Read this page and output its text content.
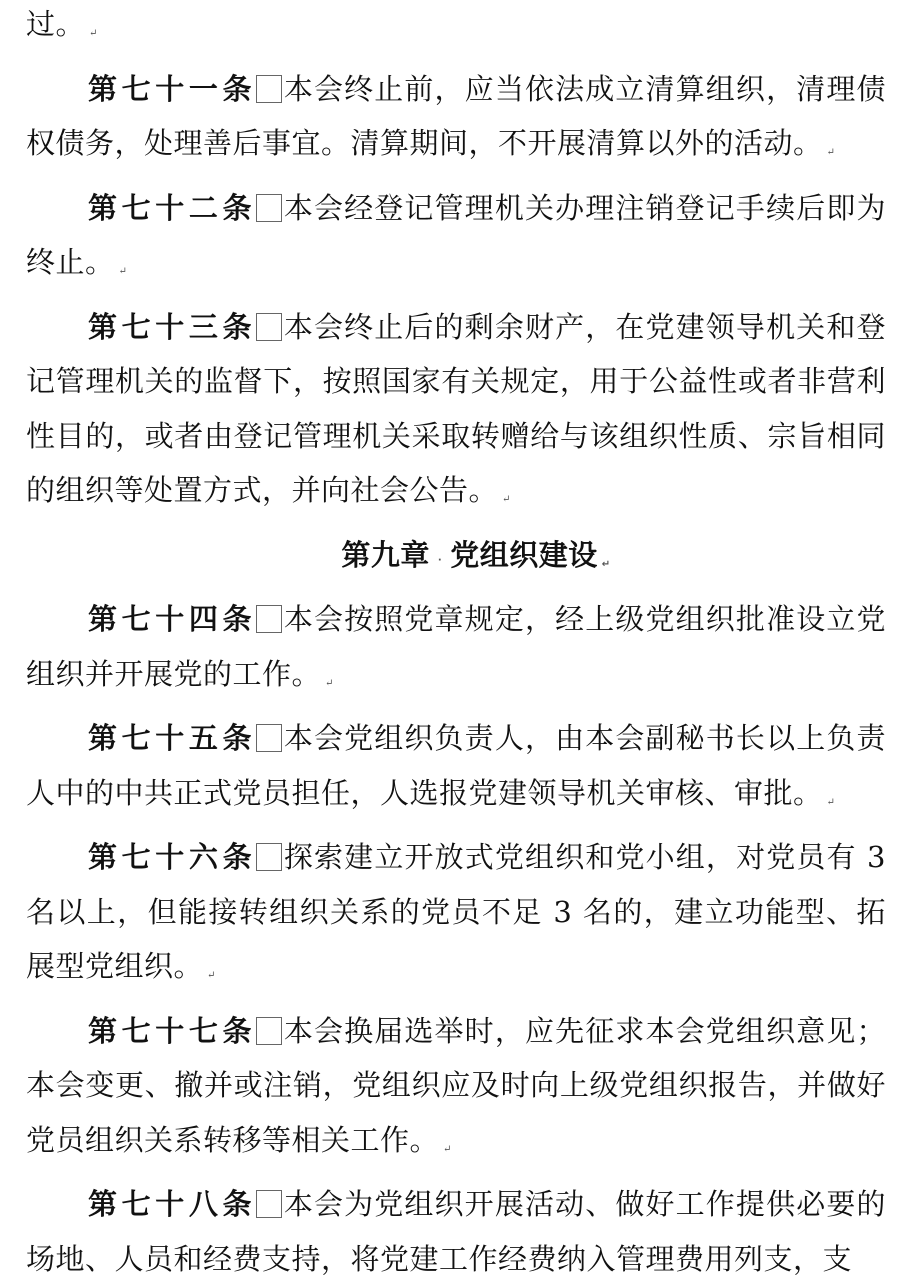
过。 ↵

第七十一条 本会终止前，应当依法成立清算组织，清理债权债务，处理善后事宜。清算期间，不开展清算以外的活动。 ↵

第七十二条 本会经登记管理机关办理注销登记手续后即为终止。 ↵

第七十三条 本会终止后的剩余财产，在党建领导机关和登记管理机关的监督下，按照国家有关规定，用于公益性或者非营利性目的，或者由登记管理机关采取转赠给与该组织性质、宗旨相同的组织等处置方式，并向社会公告。 ↵

第九章 · 党组织建设 ↵

第七十四条 本会按照党章规定，经上级党组织批准设立党组织并开展党的工作。 ↵

第七十五条 本会党组织负责人，由本会副秘书长以上负责人中的中共正式党员担任，人选报党建领导机关审核、审批。 ↵

第七十六条 探索建立开放式党组织和党小组，对党员有 3 名以上，但能接转组织关系的党员不足 3 名的，建立功能型、拓展型党组织。 ↵

第七十七条 本会换届选举时，应先征求本会党组织意见；本会变更、撤并或注销，党组织应及时向上级党组织报告，并做好党员组织关系转移等相关工作。 ↵

第七十八条 本会为党组织开展活动、做好工作提供必要的场地、人员和经费支持，将党建工作经费纳入管理费用列支，支
